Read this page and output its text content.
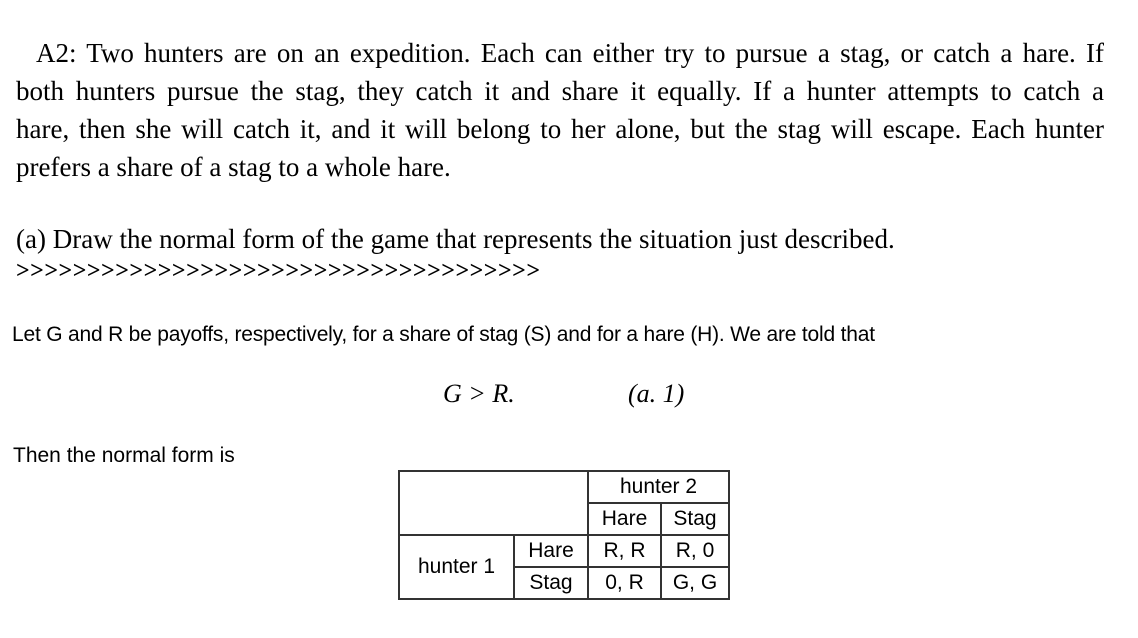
A2: Two hunters are on an expedition. Each can either try to pursue a stag, or catch a hare. If
both hunters pursue the stag, they catch it and share it equally. If a hunter attempts to catch a
hare, then she will catch it, and it will belong to her alone, but the stag will escape. Each hunter
prefers a share of a stag to a whole hare.
(a) Draw the normal form of the game that represents the situation just described.
>>>>>>>>>>>>>>>>>>>>>>>>>>>>>>>>>>>>>
Let G and R be payoffs, respectively, for a share of stag (S) and for a hare (H). We are told that
G > R.	(a. 1)
Then the normal form is
		hunter 2	
		Hare	Stag
hunter 1	Hare	R, R	R, 0
	Stag	0, R	G, G
